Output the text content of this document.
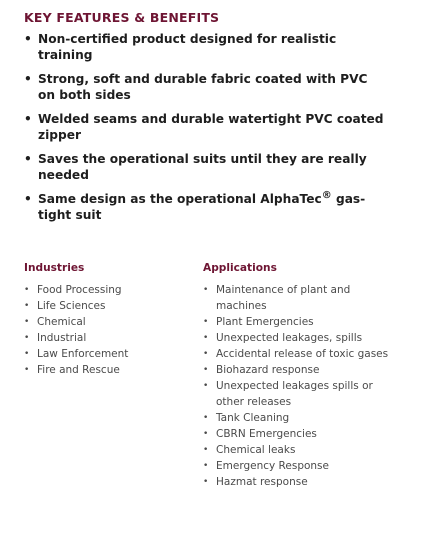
KEY FEATURES & BENEFITS
• Non-certified product designed for realistic training
• Strong, soft and durable fabric coated with PVC on both sides
• Welded seams and durable watertight PVC coated zipper
• Saves the operational suits until they are really needed
• Same design as the operational AlphaTec® gas-tight suit
Industries
• Food Processing
• Life Sciences
• Chemical
• Industrial
• Law Enforcement
• Fire and Rescue
Applications
• Maintenance of plant and machines
• Plant Emergencies
• Unexpected leakages, spills
• Accidental release of toxic gases
• Biohazard response
• Unexpected leakages spills or other releases
• Tank Cleaning
• CBRN Emergencies
• Chemical leaks
• Emergency Response
• Hazmat response
